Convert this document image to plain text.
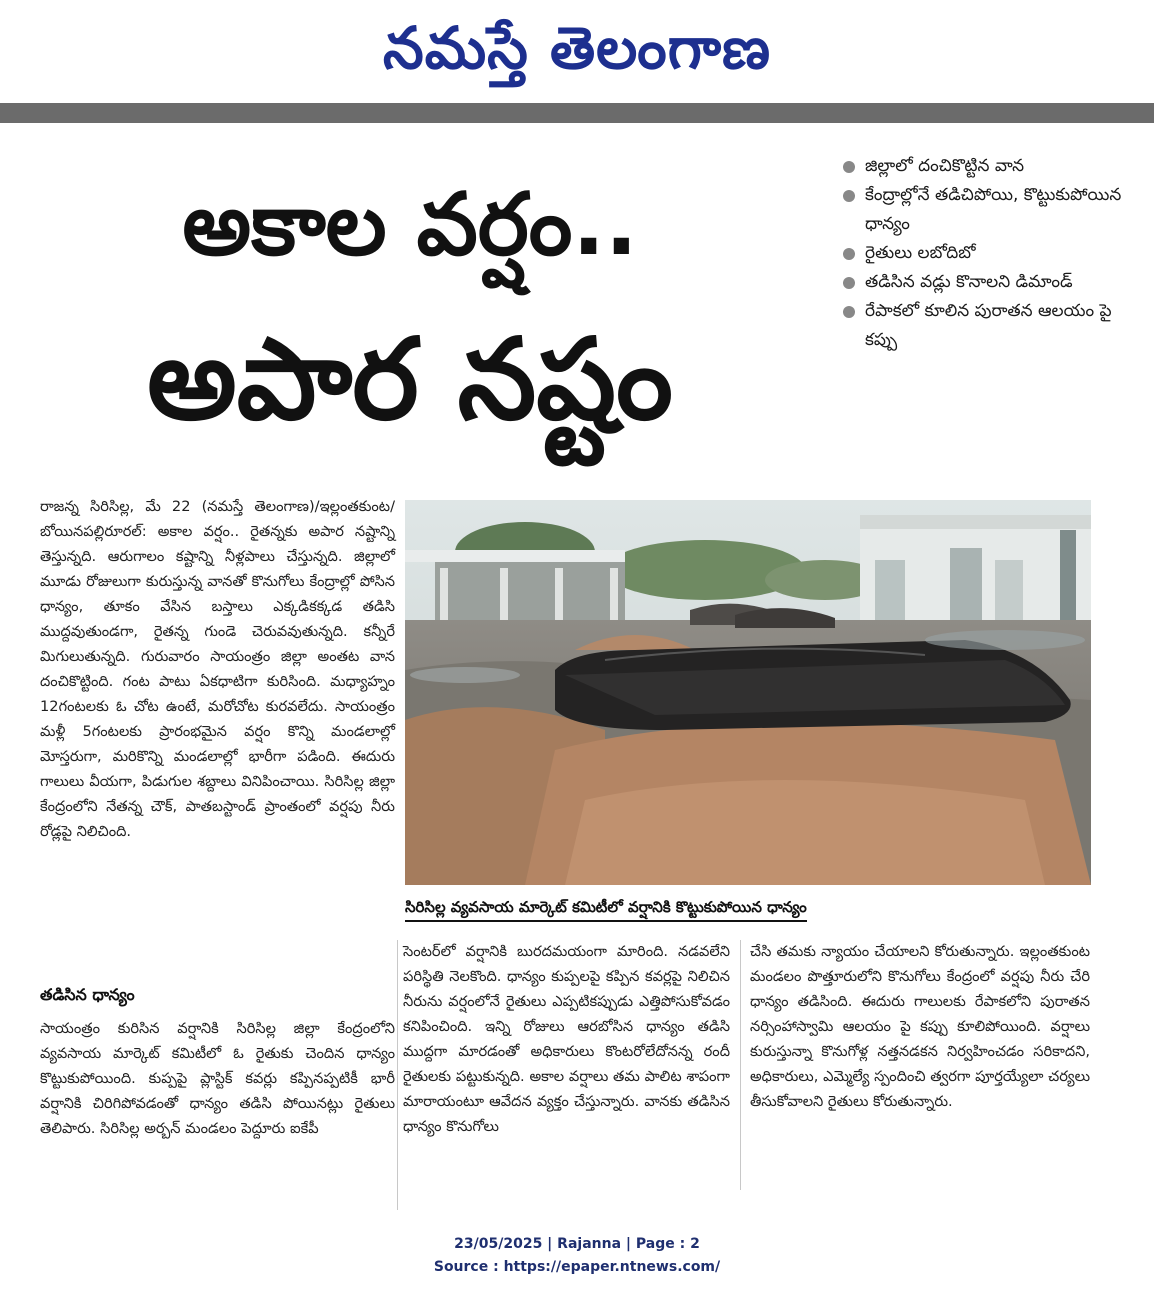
నమస్తే తెలంగాణ
అకాల వర్షం..
అపార నష్టం
జిల్లాలో దంచికొట్టిన వాన
కేంద్రాల్లోనే తడిచిపోయి, కొట్టుకుపోయిన ధాన్యం
రైతులు లబోదిబో
తడిసిన వడ్లు కొనాలని డిమాండ్
రేపాకలో కూలిన పురాతన ఆలయం పై కప్పు

రాజన్న సిరిసిల్ల, మే 22 (నమస్తే తెలంగాణ)/ఇల్లంతకుంట/బోయినపల్లిరూరల్: అకాల వర్షం.. రైతన్నకు అపార నష్టాన్ని తెస్తున్నది. ఆరుగాలం కష్టాన్ని నీళ్లపాలు చేస్తున్నది. జిల్లాలో మూడు రోజులుగా కురుస్తున్న వానతో కొనుగోలు కేంద్రాల్లో పోసిన ధాన్యం, తూకం వేసిన బస్తాలు ఎక్కడికక్కడ తడిసి ముద్దవుతుండగా, రైతన్న గుండె చెరువవుతున్నది. కన్నీరే మిగులుతున్నది. గురువారం సాయంత్రం జిల్లా అంతట వాన దంచికొట్టింది. గంట పాటు ఏకధాటిగా కురిసింది. మధ్యాహ్నం 12గంటలకు ఓ చోట ఉంటే, మరోచోట కురవలేదు. సాయంత్రం మళ్లీ 5గంటలకు ప్రారంభమైన వర్షం కొన్ని మండలాల్లో మోస్తరుగా, మరికొన్ని మండలాల్లో భారీగా పడింది. ఈదురు గాలులు వీయగా, పిడుగుల శబ్దాలు వినిపించాయి. సిరిసిల్ల జిల్లా కేంద్రంలోని నేతన్న చౌక్, పాతబస్టాండ్ ప్రాంతంలో వర్షపు నీరు రోడ్లపై నిలిచింది.

తడిసిన ధాన్యం

సాయంత్రం కురిసిన వర్షానికి సిరిసిల్ల జిల్లా కేంద్రంలోని వ్యవసాయ మార్కెట్ కమిటీలో ఓ రైతుకు చెందిన ధాన్యం కొట్టుకుపోయింది. కుప్పపై ప్లాస్టిక్ కవర్లు కప్పినప్పటికీ భారీ వర్షానికి చిరిగిపోవడంతో ధాన్యం తడిసి పోయినట్లు రైతులు తెలిపారు. సిరిసిల్ల అర్బన్ మండలం పెద్దూరు ఐకేపీ

సిరిసిల్ల వ్యవసాయ మార్కెట్ కమిటీలో వర్షానికి కొట్టుకుపోయిన ధాన్యం

సెంటర్‌లో వర్షానికి బురదమయంగా మారింది. నడవలేని పరిస్థితి నెలకొంది. ధాన్యం కుప్పలపై కప్పిన కవర్లపై నిలిచిన నీరును వర్షంలోనే రైతులు ఎప్పటికప్పుడు ఎత్తిపోసుకోవడం కనిపించింది. ఇన్ని రోజులు ఆరబోసిన ధాన్యం తడిసి ముద్దగా మారడంతో అధికారులు కొంటరోలేదోనన్న రందీ రైతులకు పట్టుకున్నది. అకాల వర్షాలు తమ పాలిట శాపంగా మారాయంటూ ఆవేదన వ్యక్తం చేస్తున్నారు. వానకు తడిసిన ధాన్యం కొనుగోలు

చేసి తమకు న్యాయం చేయాలని కోరుతున్నారు. ఇల్లంతకుంట మండలం పొత్తూరులోని కొనుగోలు కేంద్రంలో వర్షపు నీరు చేరి ధాన్యం తడిసింది. ఈదురు గాలులకు రేపాకలోని పురాతన నర్సింహాస్వామి ఆలయం పై కప్పు కూలిపోయింది. వర్షాలు కురుస్తున్నా కొనుగోళ్ల నత్తనడకన నిర్వహించడం సరికాదని, అధికారులు, ఎమ్మెల్యే స్పందించి త్వరగా పూర్తయ్యేలా చర్యలు తీసుకోవాలని రైతులు కోరుతున్నారు.

23/05/2025 | Rajanna | Page : 2
Source : https://epaper.ntnews.com/
